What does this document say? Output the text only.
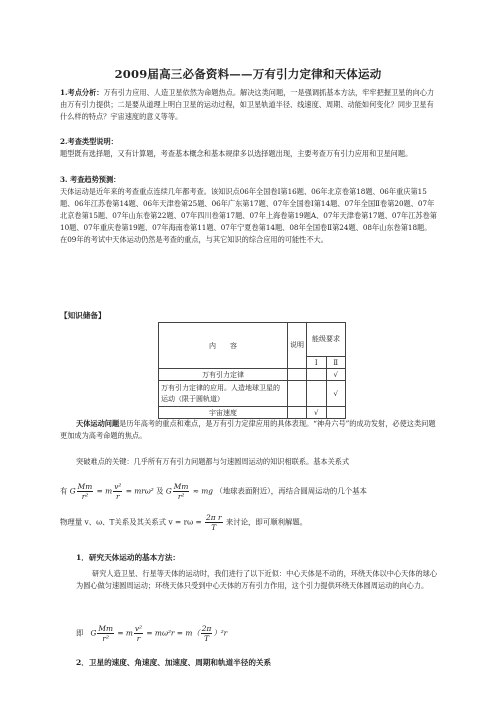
2009届高三必备资料——万有引力定律和天体运动
1.考点分析：万有引力应用、人造卫星依然为命题热点。解决这类问题，一是强调抓基本方法，牢牢把握卫星的向心力由万有引力提供；二是要从道理上明白卫星的运动过程，如卫星轨道半径、线速度、周期、动能如何变化？同步卫星有什么样的特点？宇宙速度的意义等等。
2.考查类型说明：
题型既有选择题，又有计算题，考查基本概念和基本规律多以选择题出现，主要考查万有引力应用和卫星问题。
3. 考查趋势预测：
天体运动是近年来的考查重点连续几年都考查。该知识点06年全国卷Ⅰ第16题、06年北京卷第18题、06年重庆第15题、06年江苏卷第14题、06年天津卷第25题、06年广东第17题、07年全国卷Ⅰ第14题、07年全国Ⅱ卷第20题、07年北京卷第15题、07年山东卷第22题、07年四川卷第17题、07年上海卷第19题A、07年天津卷第17题、07年江苏卷第10题、07年重庆卷第19题、07年海南卷第11题、07年宁夏卷第14题、08年全国卷Ⅱ第24题、08年山东卷第18题。在09年的考试中天体运动仍然是考查的重点，与其它知识的综合应用的可能性不大。
【知识储备】
内　　容	说明	能级要求	
		Ⅰ	Ⅱ
万有引力定律			√
万有引力定律的应用。人造地球卫星的运动（限于圆轨道）			√
宇宙速度		√	
天体运动问题是历年高考的重点和难点，是万有引力定律应用的具体表现。“神舟六号”的成功发射，必使这类问题更加成为高考命题的焦点。
突破难点的关键：几乎所有万有引力问题都与匀速圆周运动的知识相联系。基本关系式
有 G $\frac{Mm}{\text{r²}} = m \frac{\text{v²}}{r} = mr\omega^2$ 及 G $\frac{Mm}{\text{r²}}$ ≈ mg （地球表面附近），再结合圆周运动的几个基本
物理量 v、ω、T关系及其关系式 $v = r\omega = \frac{\text{2π r}}{T}$ 来讨论，即可顺利解题。
1．研究天体运动的基本方法：
研究人造卫星、行星等天体的运动时，我们进行了以下近似：中心天体是不动的，环绕天体以中心天体的球心为圆心做匀速圆周运动；环绕天体只受到中心天体的万有引力作用，这个引力提供环绕天体圆周运动的向心力。
即 G $\frac{Mm}{\text{r²}} = m \frac{\text{v²}}{r} = m\omega^2r = m( \frac{2\pi}{T} )^2r$
2．卫星的速度、角速度、加速度、周期和轨道半径的关系
